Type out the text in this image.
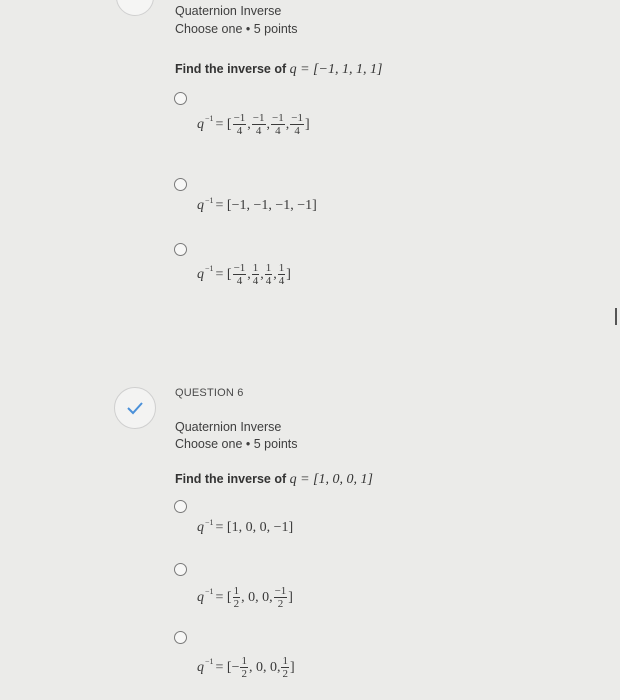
Quaternion Inverse
Choose one • 5 points
Find the inverse of q = [−1, 1, 1, 1]
q −1 = [ $\frac{-1}{4}$ , $\frac{-1}{4}$ , $\frac{-1}{4}$ , $\frac{-1}{4}$ ]
q −1 = [−1, −1, −1, −1]
q −1 = [ $\frac{-1}{4}$ , $\frac{1}{4}$ , $\frac{1}{4}$ , $\frac{1}{4}$ ]
QUESTION 6
Quaternion Inverse
Choose one • 5 points
Find the inverse of q = [1, 0, 0, 1]
q −1 = [1, 0, 0, −1]
q −1 = [ $\frac{1}{2}$ , 0, 0, $\frac{-1}{2}$ ]
q −1 = [− $\frac{1}{2}$ , 0, 0, $\frac{1}{2}$ ]
